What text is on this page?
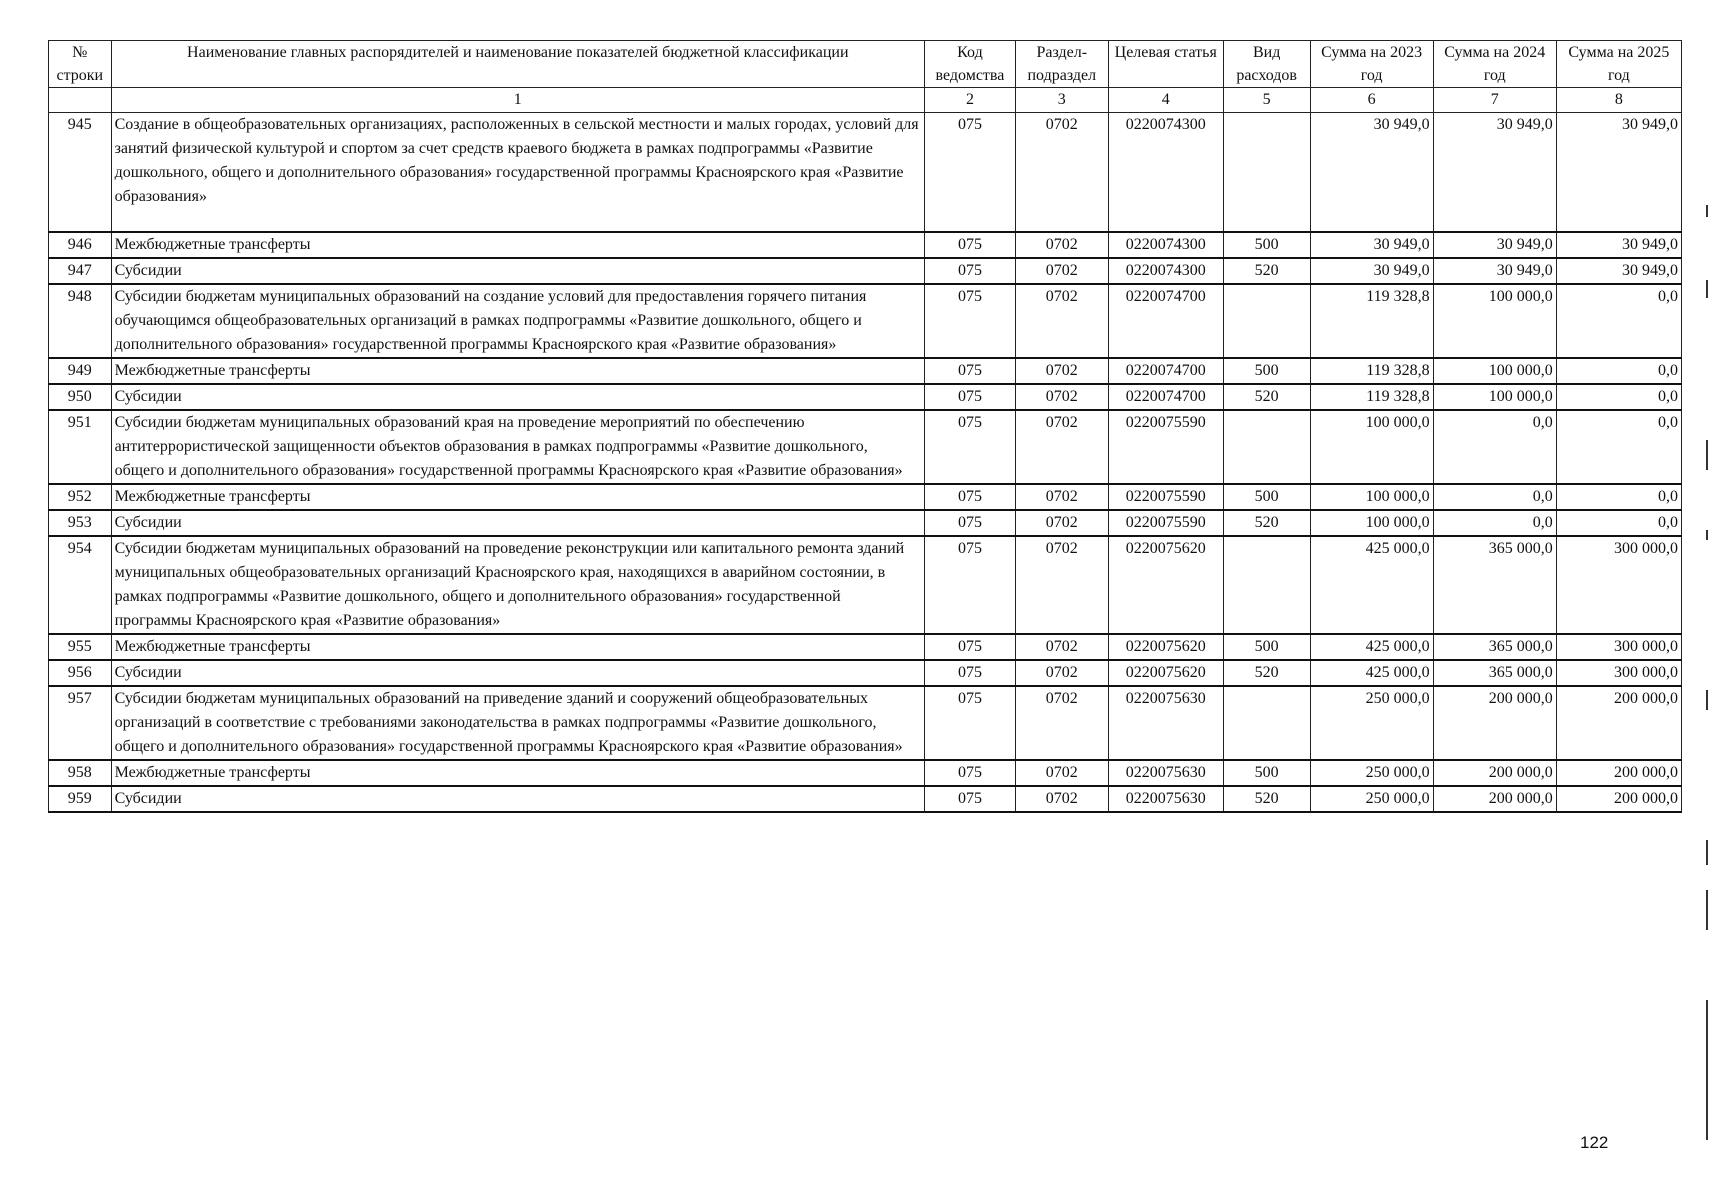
№ строки	Наименование главных распорядителей и наименование показателей бюджетной классификации	Код ведомства	Раздел-подраздел	Целевая статья	Вид расходов	Сумма на 2023 год	Сумма на 2024 год	Сумма на 2025 год
	1	2	3	4	5	6	7	8
945	Создание в общеобразовательных организациях, расположенных в сельской местности и малых городах, условий для занятий физической культурой и спортом за счет средств краевого бюджета в рамках подпрограммы «Развитие дошкольного, общего и дополнительного образования» государственной программы Красноярского края «Развитие образования»	075	0702	0220074300		30 949,0	30 949,0	30 949,0
946	Межбюджетные трансферты	075	0702	0220074300	500	30 949,0	30 949,0	30 949,0
947	Субсидии	075	0702	0220074300	520	30 949,0	30 949,0	30 949,0
948	Субсидии бюджетам муниципальных образований на создание условий для предоставления горячего питания обучающимся общеобразовательных организаций в рамках подпрограммы «Развитие дошкольного, общего и дополнительного образования» государственной программы Красноярского края «Развитие образования»	075	0702	0220074700		119 328,8	100 000,0	0,0
949	Межбюджетные трансферты	075	0702	0220074700	500	119 328,8	100 000,0	0,0
950	Субсидии	075	0702	0220074700	520	119 328,8	100 000,0	0,0
951	Субсидии бюджетам муниципальных образований края на проведение мероприятий по обеспечению антитеррористической защищенности объектов образования в рамках подпрограммы «Развитие дошкольного, общего и дополнительного образования» государственной программы Красноярского края «Развитие образования»	075	0702	0220075590		100 000,0	0,0	0,0
952	Межбюджетные трансферты	075	0702	0220075590	500	100 000,0	0,0	0,0
953	Субсидии	075	0702	0220075590	520	100 000,0	0,0	0,0
954	Субсидии бюджетам муниципальных образований на проведение реконструкции или капитального ремонта зданий муниципальных общеобразовательных организаций Красноярского края, находящихся в аварийном состоянии, в рамках подпрограммы «Развитие дошкольного, общего и дополнительного образования» государственной программы Красноярского края «Развитие образования»	075	0702	0220075620		425 000,0	365 000,0	300 000,0
955	Межбюджетные трансферты	075	0702	0220075620	500	425 000,0	365 000,0	300 000,0
956	Субсидии	075	0702	0220075620	520	425 000,0	365 000,0	300 000,0
957	Субсидии бюджетам муниципальных образований на приведение зданий и сооружений общеобразовательных организаций в соответствие с требованиями законодательства в рамках подпрограммы «Развитие дошкольного, общего и дополнительного образования» государственной программы Красноярского края «Развитие образования»	075	0702	0220075630		250 000,0	200 000,0	200 000,0
958	Межбюджетные трансферты	075	0702	0220075630	500	250 000,0	200 000,0	200 000,0
959	Субсидии	075	0702	0220075630	520	250 000,0	200 000,0	200 000,0
122
